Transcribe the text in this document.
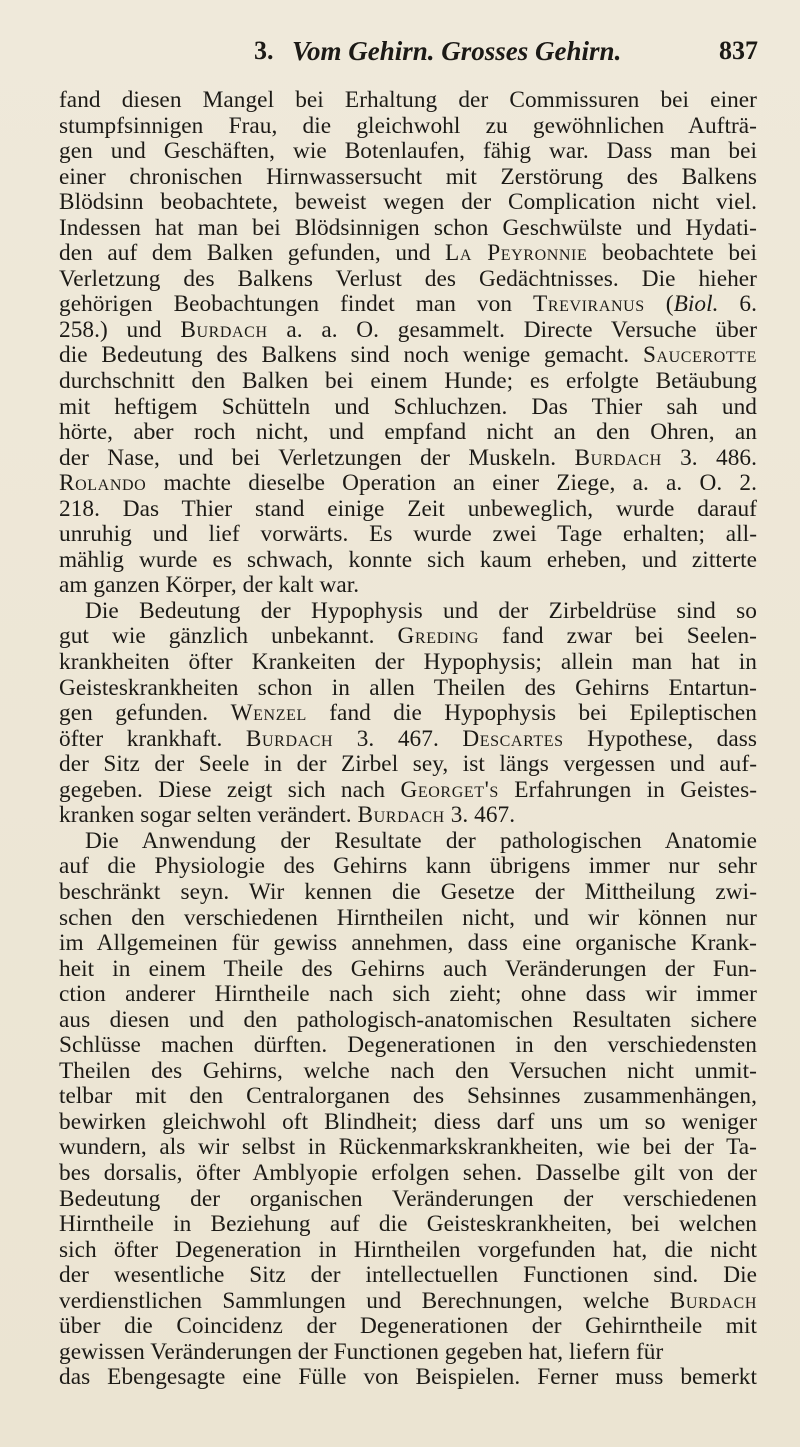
3. Vom Gehirn. Grosses Gehirn.	837
fand diesen Mangel bei Erhaltung der Commissuren bei einer
stumpfsinnigen Frau, die gleichwohl zu gewöhnlichen Aufträ-
gen und Geschäften, wie Botenlaufen, fähig war. Dass man bei
einer chronischen Hirnwassersucht mit Zerstörung des Balkens
Blödsinn beobachtete, beweist wegen der Complication nicht viel.
Indessen hat man bei Blödsinnigen schon Geschwülste und Hydati-
den auf dem Balken gefunden, und La Peyronnie beobachtete bei
Verletzung des Balkens Verlust des Gedächtnisses. Die hieher
gehörigen Beobachtungen findet man von Treviranus (Biol. 6.
258.) und Burdach a. a. O. gesammelt. Directe Versuche über
die Bedeutung des Balkens sind noch wenige gemacht. Saucerotte
durchschnitt den Balken bei einem Hunde; es erfolgte Betäubung
mit heftigem Schütteln und Schluchzen. Das Thier sah und
hörte, aber roch nicht, und empfand nicht an den Ohren, an
der Nase, und bei Verletzungen der Muskeln. Burdach 3. 486.
Rolando machte dieselbe Operation an einer Ziege, a. a. O. 2.
218. Das Thier stand einige Zeit unbeweglich, wurde darauf
unruhig und lief vorwärts. Es wurde zwei Tage erhalten; all-
mählig wurde es schwach, konnte sich kaum erheben, und zitterte
am ganzen Körper, der kalt war.
Die Bedeutung der Hypophysis und der Zirbeldrüse sind so
gut wie gänzlich unbekannt. Greding fand zwar bei Seelen-
krankheiten öfter Krankeiten der Hypophysis; allein man hat in
Geisteskrankheiten schon in allen Theilen des Gehirns Entartun-
gen gefunden. Wenzel fand die Hypophysis bei Epileptischen
öfter krankhaft. Burdach 3. 467. Descartes Hypothese, dass
der Sitz der Seele in der Zirbel sey, ist längs vergessen und auf-
gegeben. Diese zeigt sich nach Georget's Erfahrungen in Geistes-
kranken sogar selten verändert. Burdach 3. 467.
Die Anwendung der Resultate der pathologischen Anatomie
auf die Physiologie des Gehirns kann übrigens immer nur sehr
beschränkt seyn. Wir kennen die Gesetze der Mittheilung zwi-
schen den verschiedenen Hirntheilen nicht, und wir können nur
im Allgemeinen für gewiss annehmen, dass eine organische Krank-
heit in einem Theile des Gehirns auch Veränderungen der Fun-
ction anderer Hirntheile nach sich zieht; ohne dass wir immer
aus diesen und den pathologisch-anatomischen Resultaten sichere
Schlüsse machen dürften. Degenerationen in den verschiedensten
Theilen des Gehirns, welche nach den Versuchen nicht unmit-
telbar mit den Centralorganen des Sehsinnes zusammenhängen,
bewirken gleichwohl oft Blindheit; diess darf uns um so weniger
wundern, als wir selbst in Rückenmarkskrankheiten, wie bei der Ta-
bes dorsalis, öfter Amblyopie erfolgen sehen. Dasselbe gilt von der
Bedeutung der organischen Veränderungen der verschiedenen
Hirntheile in Beziehung auf die Geisteskrankheiten, bei welchen
sich öfter Degeneration in Hirntheilen vorgefunden hat, die nicht
der wesentliche Sitz der intellectuellen Functionen sind. Die
verdienstlichen Sammlungen und Berechnungen, welche Burdach
über die Coincidenz der Degenerationen der Gehirntheile mit
gewissen Veränderungen der Functionen gegeben hat, liefern für
das Ebengesagte eine Fülle von Beispielen. Ferner muss bemerkt
